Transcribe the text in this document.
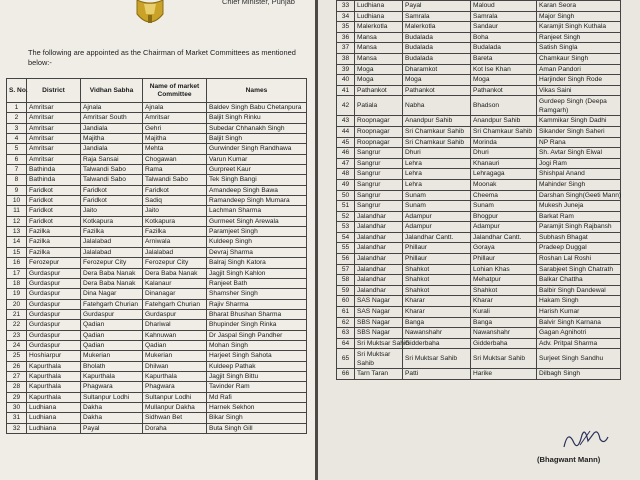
Chief Minister, Punjab
The following are appointed as the Chairman of Market Committees as mentioned below:-
S. No.	District	Vidhan Sabha	Name of market Committee	Names
1	Amritsar	Ajnala	Ajnala	Baldev Singh Babu Chetanpura
2	Amritsar	Amritsar South	Amritsar	Baljit Singh Rinku
3	Amritsar	Jandiala	Gehri	Subedar Chhanakh Singh
4	Amritsar	Majitha	Majitha	Baljit Singh
5	Amritsar	Jandiala	Mehta	Gurwinder Singh Randhawa
6	Amritsar	Raja Sansai	Chogawan	Varun Kumar
7	Bathinda	Talwandi Sabo	Rama	Gurpreet Kaur
8	Bathinda	Talwandi Sabo	Talwandi Sabo	Tek Singh Bangi
9	Faridkot	Faridkot	Faridkot	Amandeep Singh Bawa
10	Faridkot	Faridkot	Sadiq	Ramandeep Singh Mumara
11	Faridkot	Jaito	Jaito	Lachman Sharma
12	Faridkot	Kotkapura	Kotkapura	Gurmeet Singh Arewala
13	Fazilka	Fazilka	Fazilka	Paramjeet Singh
14	Fazilka	Jalalabad	Arniwala	Kuldeep Singh
15	Fazilka	Jalalabad	Jalalabad	Devraj Sharma
16	Ferozepur	Ferozepur City	Ferozepur City	Balraj Singh Katora
17	Gurdaspur	Dera Baba Nanak	Dera Baba Nanak	Jagjit Singh Kahlon
18	Gurdaspur	Dera Baba Nanak	Kalanaur	Ranjeet Bath
19	Gurdaspur	Dina Nagar	Dinanagar	Shamsher Singh
20	Gurdaspur	Fatehgarh Churian	Fatehgarh Churian	Rajiv Sharma
21	Gurdaspur	Gurdaspur	Gurdaspur	Bharat Bhushan Sharma
22	Gurdaspur	Qadian	Dhariwal	Bhupinder Singh Rinka
23	Gurdaspur	Qadian	Kahnuwan	Dr Jaspal Singh Pandher
24	Gurdaspur	Qadian	Qadian	Mohan Singh
25	Hoshiarpur	Mukerian	Mukerian	Harjeet Singh Sahota
26	Kapurthala	Bholath	Dhilwan	Kuldeep Pathak
27	Kapurthala	Kapurthala	Kapurthala	Jagjit Singh Bittu
28	Kapurthala	Phagwara	Phagwara	Tavinder Ram
29	Kapurthala	Sultanpur Lodhi	Sultanpur Lodhi	Md Rafi
30	Ludhiana	Dakha	Mullanpur Dakha	Harnek Sekhon
31	Ludhiana	Dakha	Sidhwan Bet	Bikar Singh
32	Ludhiana	Payal	Doraha	Buta Singh Gill
33	Ludhiana	Payal	Maloud	Karan Seora
34	Ludhiana	Samrala	Samrala	Major Singh
35	Malerkotla	Malerkotla	Sandaur	Karamjit Singh Kuthala
36	Mansa	Budalada	Boha	Ranjeet Singh
37	Mansa	Budalada	Budalada	Satish Singla
38	Mansa	Budalada	Bareta	Chamkaur Singh
39	Moga	Dharamkot	Kot Ise Khan	Aman Pandori
40	Moga	Moga	Moga	Harjinder Singh Rode
41	Pathankot	Pathankot	Pathankot	Vikas Saini
42	Patiala	Nabha	Bhadson	Gurdeep Singh (Deepa Ramgarh)
43	Roopnagar	Anandpur Sahib	Anandpur Sahib	Kammikar Singh Dadhi
44	Roopnagar	Sri Chamkaur Sahib	Sri Chamkaur Sahib	Sikander Singh Saheri
45	Roopnagar	Sri Chamkaur Sahib	Morinda	NP Rana
46	Sangrur	Dhuri	Dhuri	Sh. Avtar Singh Elwal
47	Sangrur	Lehra	Khanauri	Jogi Ram
48	Sangrur	Lehra	Lehragaga	Shishpal Anand
49	Sangrur	Lehra	Moonak	Mahinder Singh
50	Sangrur	Sunam	Cheema	Darshan Singh(Geeti Mann)
51	Sangrur	Sunam	Sunam	Mukesh Juneja
52	Jalandhar	Adampur	Bhogpur	Barkat Ram
53	Jalandhar	Adampur	Adampur	Paramjit Singh Rajbansh
54	Jalandhar	Jalandhar Cantt.	Jalandhar Cantt.	Subhash Bhagat
55	Jalandhar	Phillaur	Goraya	Pradeep Duggal
56	Jalandhar	Phillaur	Phillaur	Roshan Lal Roshi
57	Jalandhar	Shahkot	Lohian Khas	Sarabjeet Singh Chatrath
58	Jalandhar	Shahkot	Mehatpur	Balkar Chattha
59	Jalandhar	Shahkot	Shahkot	Balbir Singh Dandewal
60	SAS Nagar	Kharar	Kharar	Hakam Singh
61	SAS Nagar	Kharar	Kurali	Harish Kumar
62	SBS Nagar	Banga	Banga	Balvir Singh Karnana
63	SBS Nagar	Nawanshahr	Nawanshahr	Gagan Agnihotri
64	Sri Muktsar Sahib	Gidderbaha	Gidderbaha	Adv. Pritpal Sharma
65	Sri Muktsar Sahib	Sri Muktsar Sahib	Sri Muktsar Sahib	Surjeet Singh Sandhu
66	Tarn Taran	Patti	Harike	Dilbagh Singh
(Bhagwant Mann)
